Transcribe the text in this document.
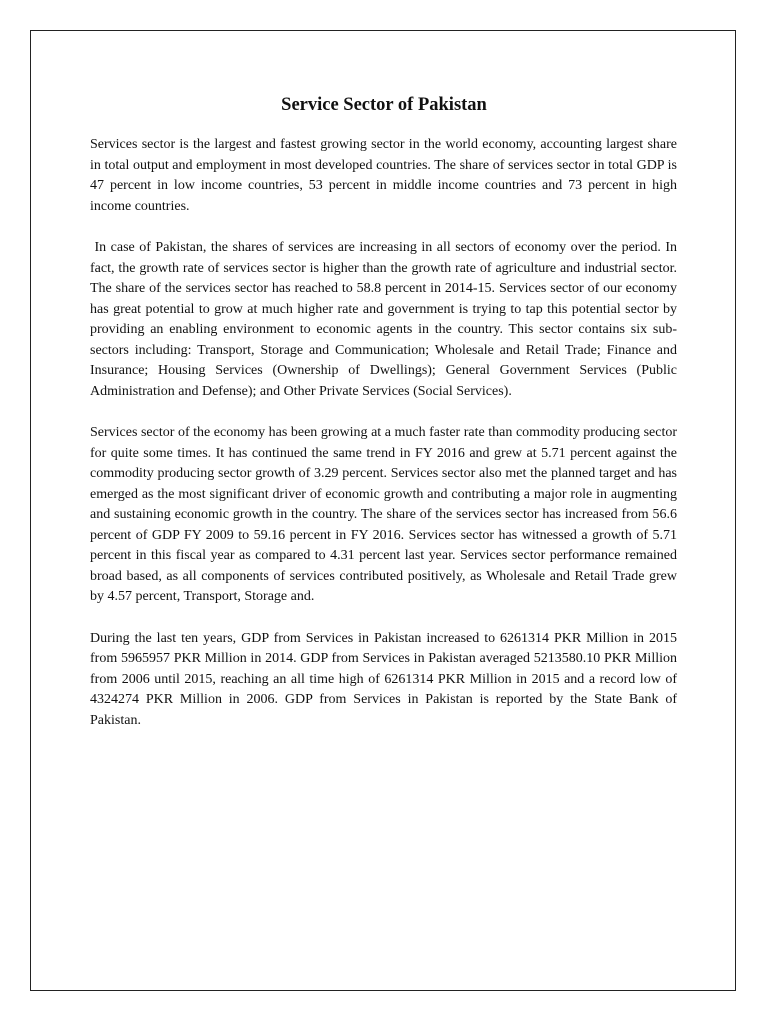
Service Sector of Pakistan

Services sector is the largest and fastest growing sector in the world economy, accounting largest share in total output and employment in most developed countries. The share of services sector in total GDP is 47 percent in low income countries, 53 percent in middle income countries and 73 percent in high income countries.

In case of Pakistan, the shares of services are increasing in all sectors of economy over the period. In fact, the growth rate of services sector is higher than the growth rate of agriculture and industrial sector. The share of the services sector has reached to 58.8 percent in 2014-15. Services sector of our economy has great potential to grow at much higher rate and government is trying to tap this potential sector by providing an enabling environment to economic agents in the country. This sector contains six sub-sectors including: Transport, Storage and Communication; Wholesale and Retail Trade; Finance and Insurance; Housing Services (Ownership of Dwellings); General Government Services (Public Administration and Defense); and Other Private Services (Social Services).

Services sector of the economy has been growing at a much faster rate than commodity producing sector for quite some times. It has continued the same trend in FY 2016 and grew at 5.71 percent against the commodity producing sector growth of 3.29 percent. Services sector also met the planned target and has emerged as the most significant driver of economic growth and contributing a major role in augmenting and sustaining economic growth in the country. The share of the services sector has increased from 56.6 percent of GDP FY 2009 to 59.16 percent in FY 2016. Services sector has witnessed a growth of 5.71 percent in this fiscal year as compared to 4.31 percent last year. Services sector performance remained broad based, as all components of services contributed positively, as Wholesale and Retail Trade grew by 4.57 percent, Transport, Storage and.

During the last ten years, GDP from Services in Pakistan increased to 6261314 PKR Million in 2015 from 5965957 PKR Million in 2014. GDP from Services in Pakistan averaged 5213580.10 PKR Million from 2006 until 2015, reaching an all time high of 6261314 PKR Million in 2015 and a record low of 4324274 PKR Million in 2006. GDP from Services in Pakistan is reported by the State Bank of Pakistan.
